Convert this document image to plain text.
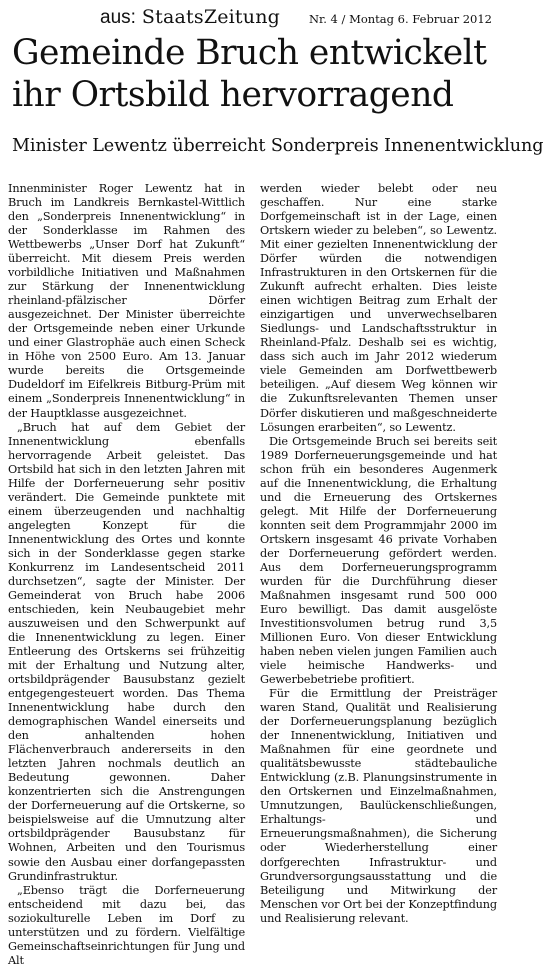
aus: StaatsZeitung	Nr. 4 / Montag 6. Februar 2012
Gemeinde Bruch entwickelt ihr Ortsbild hervorragend
Minister Lewentz überreicht Sonderpreis Innenentwicklung

Innenminister Roger Lewentz hat in Bruch im Landkreis Bernkastel-Wittlich den „Sonderpreis Innenentwicklung“ in der Sonderklasse im Rahmen des Wettbewerbs „Unser Dorf hat Zukunft“ überreicht. Mit diesem Preis werden vorbildliche Initiativen und Maßnahmen zur Stärkung der Innenentwicklung rheinland-pfälzischer Dörfer ausgezeichnet. Der Minister überreichte der Ortsgemeinde neben einer Urkunde und einer Glastrophäe auch einen Scheck in Höhe von 2500 Euro. Am 13. Januar wurde bereits die Ortsgemeinde Dudeldorf im Eifelkreis Bitburg-Prüm mit einem „Sonderpreis Innenentwicklung“ in der Hauptklasse ausgezeichnet.

„Bruch hat auf dem Gebiet der Innenentwicklung ebenfalls hervorragende Arbeit geleistet. Das Ortsbild hat sich in den letzten Jahren mit Hilfe der Dorferneuerung sehr positiv verändert. Die Gemeinde punktete mit einem überzeugenden und nachhaltig angelegten Konzept für die Innenentwicklung des Ortes und konnte sich in der Sonderklasse gegen starke Konkurrenz im Landesentscheid 2011 durchsetzen“, sagte der Minister. Der Gemeinderat von Bruch habe 2006 entschieden, kein Neubaugebiet mehr auszuweisen und den Schwerpunkt auf die Innenentwicklung zu legen. Einer Entleerung des Ortskerns sei frühzeitig mit der Erhaltung und Nutzung alter, ortsbildprägender Bausubstanz gezielt entgegengesteuert worden. Das Thema Innenentwicklung habe durch den demographischen Wandel einerseits und den anhaltenden hohen Flächenverbrauch andererseits in den letzten Jahren nochmals deutlich an Bedeutung gewonnen. Daher konzentrierten sich die Anstrengungen der Dorferneuerung auf die Ortskerne, so beispielsweise auf die Umnutzung alter ortsbildprägender Bausubstanz für Wohnen, Arbeiten und den Tourismus sowie den Ausbau einer dorfangepassten Grundinfrastruktur.

„Ebenso trägt die Dorferneuerung entscheidend mit dazu bei, das soziokulturelle Leben im Dorf zu unterstützen und zu fördern. Vielfältige Gemeinschaftseinrichtungen für Jung und Alt

werden wieder belebt oder neu geschaffen. Nur eine starke Dorfgemeinschaft ist in der Lage, einen Ortskern wieder zu beleben“, so Lewentz. Mit einer gezielten Innenentwicklung der Dörfer würden die notwendigen Infrastrukturen in den Ortskernen für die Zukunft aufrecht erhalten. Dies leiste einen wichtigen Beitrag zum Erhalt der einzigartigen und unverwechselbaren Siedlungs- und Landschaftsstruktur in Rheinland-Pfalz. Deshalb sei es wichtig, dass sich auch im Jahr 2012 wiederum viele Gemeinden am Dorfwettbewerb beteiligen. „Auf diesem Weg können wir die Zukunftsrelevanten Themen unser Dörfer diskutieren und maßgeschneiderte Lösungen erarbeiten“, so Lewentz.

Die Ortsgemeinde Bruch sei bereits seit 1989 Dorferneuerungsgemeinde und hat schon früh ein besonderes Augenmerk auf die Innenentwicklung, die Erhaltung und die Erneuerung des Ortskernes gelegt. Mit Hilfe der Dorferneuerung konnten seit dem Programmjahr 2000 im Ortskern insgesamt 46 private Vorhaben der Dorferneuerung gefördert werden. Aus dem Dorferneuerungsprogramm wurden für die Durchführung dieser Maßnahmen insgesamt rund 500 000 Euro bewilligt. Das damit ausgelöste Investitionsvolumen betrug rund 3,5 Millionen Euro. Von dieser Entwicklung haben neben vielen jungen Familien auch viele heimische Handwerks- und Gewerbebetriebe profitiert.

Für die Ermittlung der Preisträger waren Stand, Qualität und Realisierung der Dorferneuerungsplanung bezüglich der Innenentwicklung, Initiativen und Maßnahmen für eine geordnete und qualitätsbewusste städtebauliche Entwicklung (z.B. Planungsinstrumente in den Ortskernen und Einzelmaßnahmen, Umnutzungen, Baulückenschließungen, Erhaltungs- und Erneuerungsmaßnahmen), die Sicherung oder Wiederherstellung einer dorfgerechten Infrastruktur- und Grundversorgungsausstattung und die Beteiligung und Mitwirkung der Menschen vor Ort bei der Konzeptfindung und Realisierung relevant.
